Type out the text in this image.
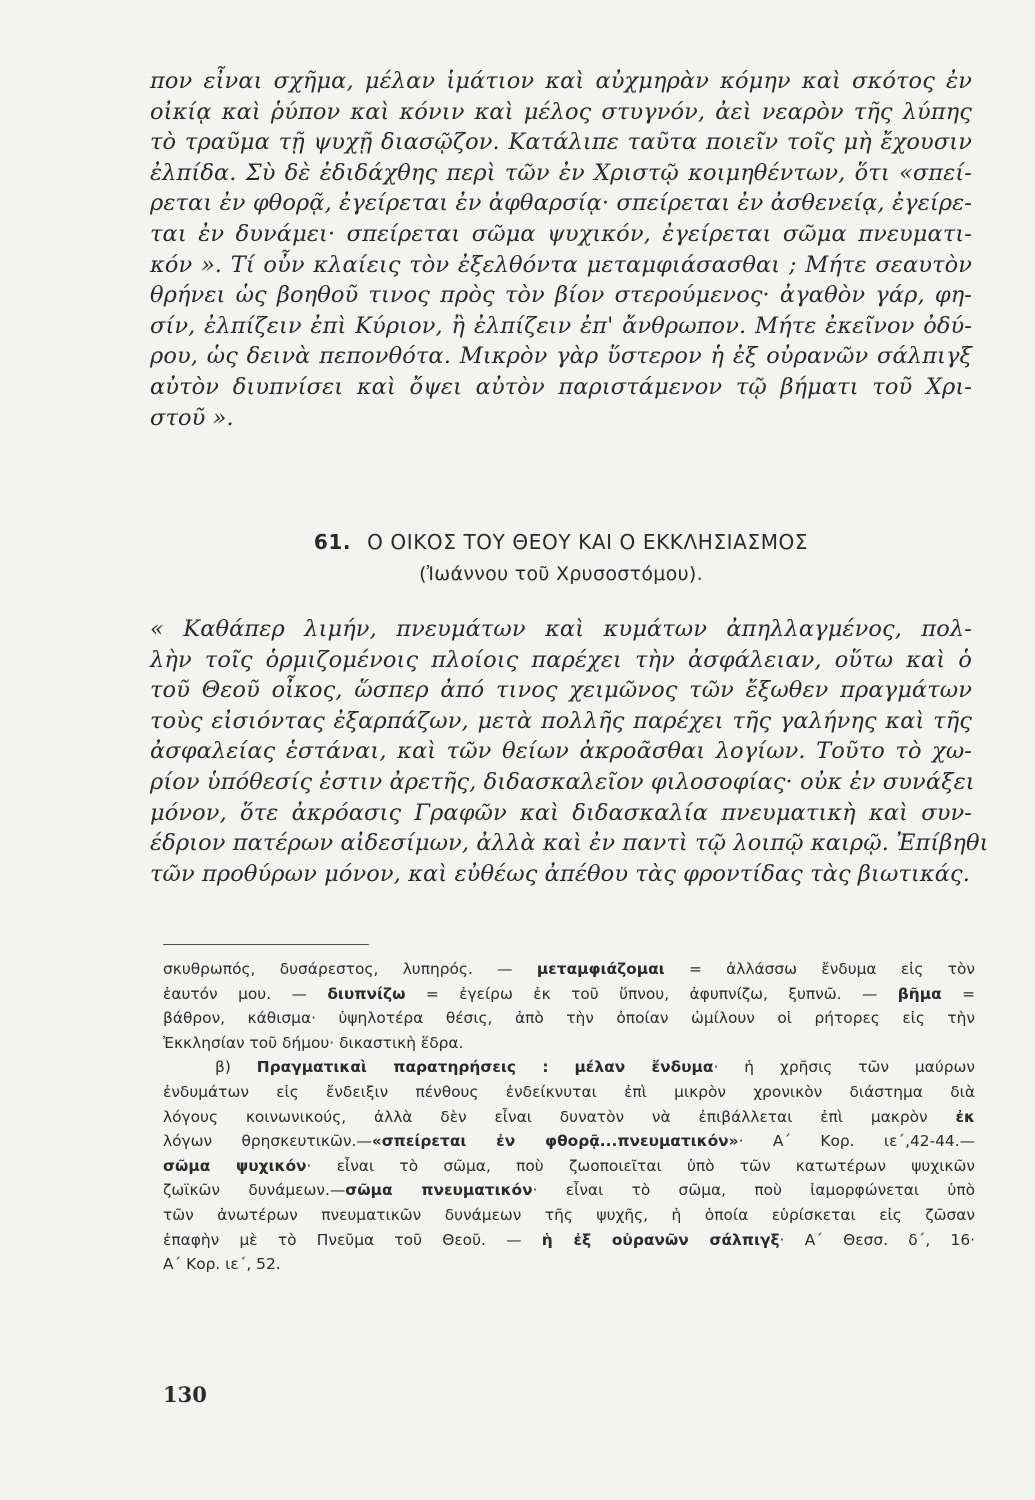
πον εἶναι σχῆμα, μέλαν ἱμάτιον καὶ αὐχμηρὰν κόμην καὶ σκότος ἐν
οἰκίᾳ καὶ ῥύπον καὶ κόνιν καὶ μέλος στυγνόν, ἀεὶ νεαρὸν τῆς λύπης
τὸ τραῦμα τῇ ψυχῇ διασῷζον. Κατάλιπε ταῦτα ποιεῖν τοῖς μὴ ἔχουσιν
ἐλπίδα. Σὺ δὲ ἐδιδάχθης περὶ τῶν ἐν Χριστῷ κοιμηθέντων, ὅτι «σπεί-
ρεται ἐν φθορᾷ, ἐγείρεται ἐν ἀφθαρσίᾳ· σπείρεται ἐν ἀσθενείᾳ, ἐγείρε-
ται ἐν δυνάμει· σπείρεται σῶμα ψυχικόν, ἐγείρεται σῶμα πνευματι-
κόν ». Τί οὖν κλαίεις τὸν ἐξελθόντα μεταμφιάσασθαι ; Μήτε σεαυτὸν
θρήνει ὡς βοηθοῦ τινος πρὸς τὸν βίον στερούμενος· ἀγαθὸν γάρ, φη-
σίν, ἐλπίζειν ἐπὶ Κύριον, ἢ ἐλπίζειν ἐπ' ἄνθρωπον. Μήτε ἐκεῖνον ὀδύ-
ρου, ὡς δεινὰ πεπονθότα. Μικρὸν γὰρ ὕστερον ἡ ἐξ οὐρανῶν σάλπιγξ
αὐτὸν διυπνίσει καὶ ὄψει αὐτὸν παριστάμενον τῷ βήματι τοῦ Χρι-
στοῦ ».
61. Ο ΟΙΚΟΣ ΤΟΥ ΘΕΟΥ ΚΑΙ Ο ΕΚΚΛΗΣΙΑΣΜΟΣ
(Ἰωάννου τοῦ Χρυσοστόμου).
« Καθάπερ λιμήν, πνευμάτων καὶ κυμάτων ἀπηλλαγμένος, πολ-
λὴν τοῖς ὁρμιζομένοις πλοίοις παρέχει τὴν ἀσφάλειαν, οὕτω καὶ ὁ
τοῦ Θεοῦ οἶκος, ὥσπερ ἀπό τινος χειμῶνος τῶν ἔξωθεν πραγμάτων
τοὺς εἰσιόντας ἐξαρπάζων, μετὰ πολλῆς παρέχει τῆς γαλήνης καὶ τῆς
ἀσφαλείας ἑστάναι, καὶ τῶν θείων ἀκροᾶσθαι λογίων. Τοῦτο τὸ χω-
ρίον ὑπόθεσίς ἐστιν ἀρετῆς, διδασκαλεῖον φιλοσοφίας· οὐκ ἐν συνάξει
μόνον, ὅτε ἀκρόασις Γραφῶν καὶ διδασκαλία πνευματικὴ καὶ συν-
έδριον πατέρων αἰδεσίμων, ἀλλὰ καὶ ἐν παντὶ τῷ λοιπῷ καιρῷ. Ἐπίβηθι
τῶν προθύρων μόνον, καὶ εὐθέως ἀπέθου τὰς φροντίδας τὰς βιωτικάς.
σκυθρωπός, δυσάρεστος, λυπηρός. — μεταμφιάζομαι = ἀλλάσσω ἔνδυμα εἰς τὸν
ἑαυτόν μου. — διυπνίζω = ἐγείρω ἐκ τοῦ ὕπνου, ἀφυπνίζω, ξυπνῶ. — βῆμα =
βάθρον, κάθισμα· ὑψηλοτέρα θέσις, ἀπὸ τὴν ὁποίαν ὡμίλουν οἱ ρήτορες εἰς τὴν
Ἐκκλησίαν τοῦ δήμου· δικαστικὴ ἕδρα.
β) Πραγματικαὶ παρατηρήσεις : μέλαν ἔνδυμα· ἡ χρῆσις τῶν μαύρων
ἐνδυμάτων εἰς ἔνδειξιν πένθους ἐνδείκνυται ἐπὶ μικρὸν χρονικὸν διάστημα διὰ
λόγους κοινωνικούς, ἀλλὰ δὲν εἶναι δυνατὸν νὰ ἐπιβάλλεται ἐπὶ μακρὸν ἐκ
λόγων θρησκευτικῶν.—«σπείρεται ἐν φθορᾷ...πνευματικόν»· Α΄ Κορ. ιε΄,42-44.—
σῶμα ψυχικόν· εἶναι τὸ σῶμα, ποὺ ζωοποιεῖται ὑπὸ τῶν κατωτέρων ψυχικῶν
ζωϊκῶν δυνάμεων.—σῶμα πνευματικόν· εἶναι τὸ σῶμα, ποὺ ἰαμορφώνεται ὑπὸ
τῶν ἀνωτέρων πνευματικῶν δυνάμεων τῆς ψυχῆς, ἡ ὁποία εὑρίσκεται εἰς ζῶσαν
ἐπαφὴν μὲ τὸ Πνεῦμα τοῦ Θεοῦ. — ἡ ἐξ οὐρανῶν σάλπιγξ· Α΄ Θεσσ. δ΄, 16·
Α΄ Κορ. ιε΄, 52.
130
